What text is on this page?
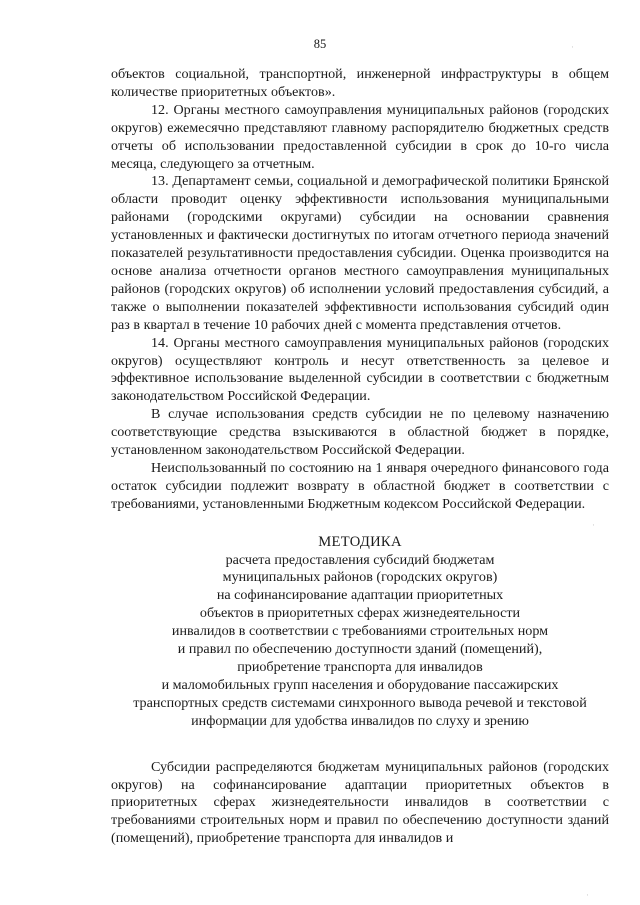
85

объектов социальной, транспортной, инженерной инфраструктуры в общем количестве приоритетных объектов».

12. Органы местного самоуправления муниципальных районов (городских округов) ежемесячно представляют главному распорядителю бюджетных средств отчеты об использовании предоставленной субсидии в срок до 10-го числа месяца, следующего за отчетным.

13. Департамент семьи, социальной и демографической политики Брянской области проводит оценку эффективности использования муниципальными районами (городскими округами) субсидии на основании сравнения установленных и фактически достигнутых по итогам отчетного периода значений показателей результативности предоставления субсидии. Оценка производится на основе анализа отчетности органов местного самоуправления муниципальных районов (городских округов) об исполнении условий предоставления субсидий, а также о выполнении показателей эффективности использования субсидий один раз в квартал в течение 10 рабочих дней с момента представления отчетов.

14. Органы местного самоуправления муниципальных районов (городских округов) осуществляют контроль и несут ответственность за целевое и эффективное использование выделенной субсидии в соответствии с бюджетным законодательством Российской Федерации.

В случае использования средств субсидии не по целевому назначению соответствующие средства взыскиваются в областной бюджет в порядке, установленном законодательством Российской Федерации.

Неиспользованный по состоянию на 1 января очередного финансового года остаток субсидии подлежит возврату в областной бюджет в соответствии с требованиями, установленными Бюджетным кодексом Российской Федерации.

МЕТОДИКА
расчета предоставления субсидий бюджетам
муниципальных районов (городских округов)
на софинансирование адаптации приоритетных
объектов в приоритетных сферах жизнедеятельности
инвалидов в соответствии с требованиями строительных норм
и правил по обеспечению доступности зданий (помещений),
приобретение транспорта для инвалидов
и маломобильных групп населения и оборудование пассажирских
транспортных средств системами синхронного вывода речевой и текстовой
информации для удобства инвалидов по слуху и зрению

Субсидии распределяются бюджетам муниципальных районов (городских округов) на софинансирование адаптации приоритетных объектов в приоритетных сферах жизнедеятельности инвалидов в соответствии с требованиями строительных норм и правил по обеспечению доступности зданий (помещений), приобретение транспорта для инвалидов и

·
·
·
